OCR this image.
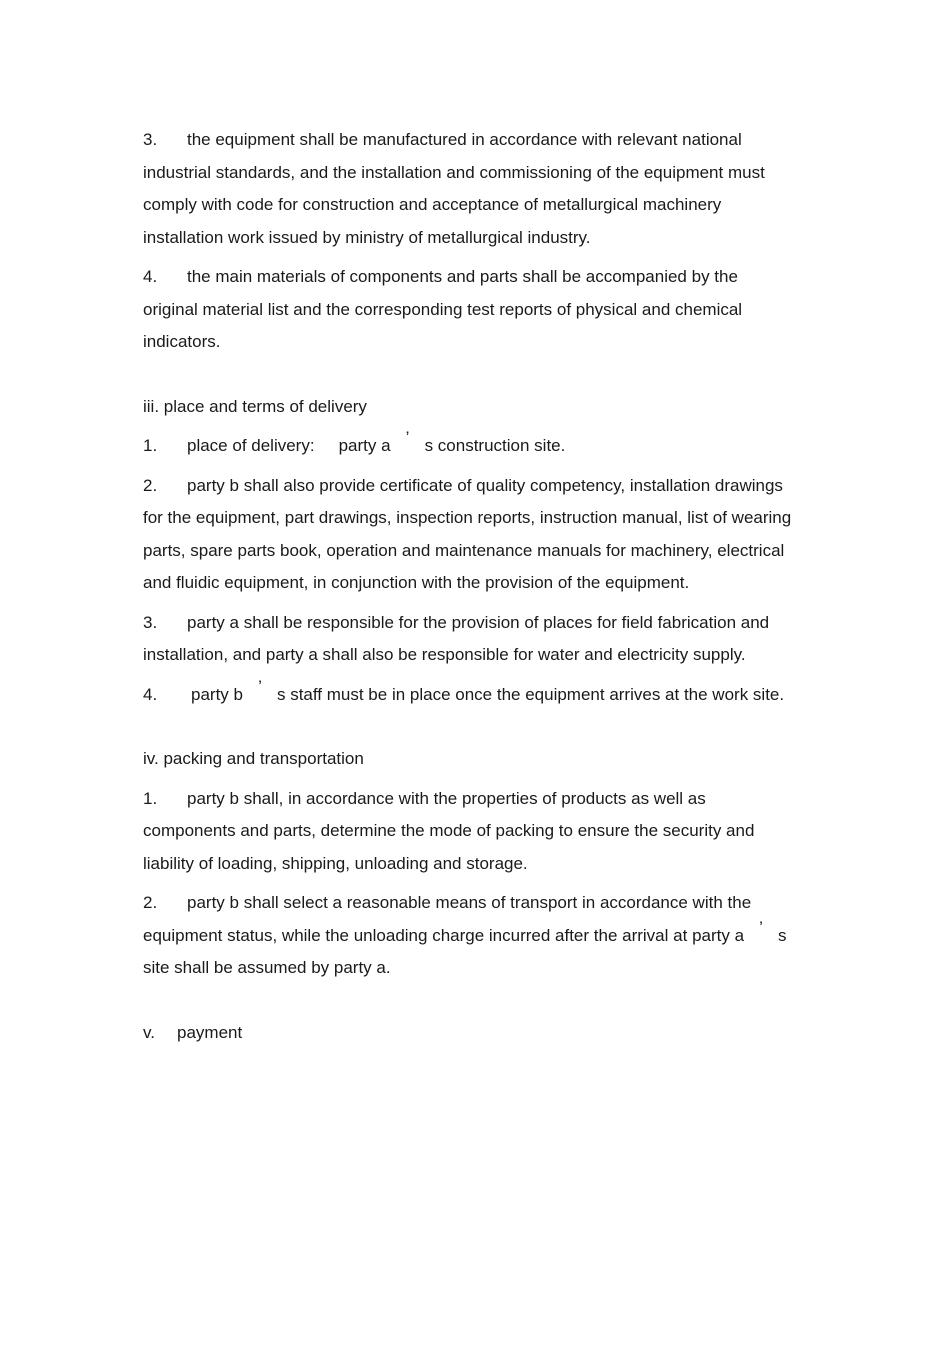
3. the equipment shall be manufactured in accordance with relevant national industrial standards, and the installation and commissioning of the equipment must comply with code for construction and acceptance of metallurgical machinery installation work issued by ministry of metallurgical industry.

4. the main materials of components and parts shall be accompanied by the original material list and the corresponding test reports of physical and chemical indicators.

iii. place and terms of delivery

1. place of delivery: party a ’ s construction site.

2. party b shall also provide certificate of quality competency, installation drawings for the equipment, part drawings, inspection reports, instruction manual, list of wearing parts, spare parts book, operation and maintenance manuals for machinery, electrical and fluidic equipment, in conjunction with the provision of the equipment.

3. party a shall be responsible for the provision of places for field fabrication and installation, and party a shall also be responsible for water and electricity supply.

4. party b ’ s staff must be in place once the equipment arrives at the work site.

iv. packing and transportation

1. party b shall, in accordance with the properties of products as well as components and parts, determine the mode of packing to ensure the security and liability of loading, shipping, unloading and storage.

2. party b shall select a reasonable means of transport in accordance with the equipment status, while the unloading charge incurred after the arrival at party a ’ s site shall be assumed by party a.

v. payment
